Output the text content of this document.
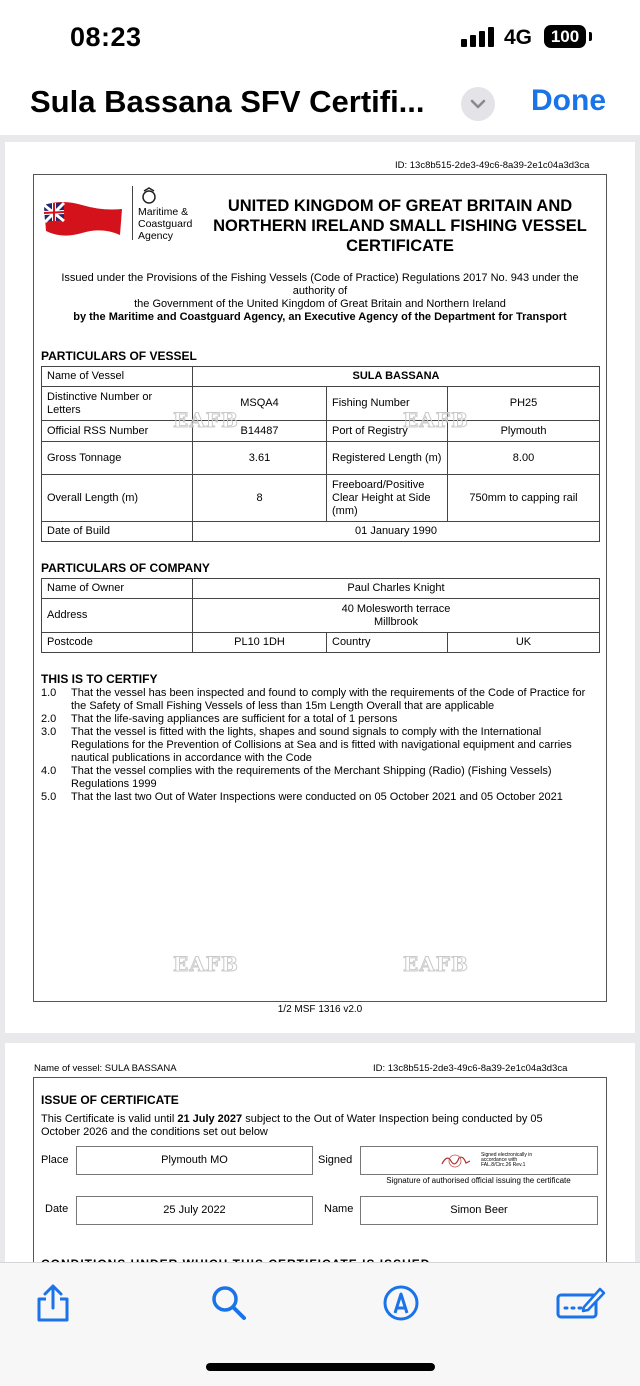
08:23	4G	100
Sula Bassana SFV Certifi...	Done
ID: 13c8b515-2de3-49c6-8a39-2e1c04a3d3ca
Maritime & Coastguard Agency
UNITED KINGDOM OF GREAT BRITAIN AND NORTHERN IRELAND SMALL FISHING VESSEL CERTIFICATE
Issued under the Provisions of the Fishing Vessels (Code of Practice) Regulations 2017 No. 943 under the authority of
the Government of the United Kingdom of Great Britain and Northern Ireland
by the Maritime and Coastguard Agency, an Executive Agency of the Department for Transport
PARTICULARS OF VESSEL
Name of Vessel	SULA BASSANA		
Distinctive Number or Letters	MSQA4	Fishing Number	PH25
Official RSS Number	B14487	Port of Registry	Plymouth
Gross Tonnage	3.61	Registered Length (m)	8.00
Overall Length (m)	8	Freeboard/Positive Clear Height at Side (mm)	750mm to capping rail
Date of Build	01 January 1990		
PARTICULARS OF COMPANY
Name of Owner	Paul Charles Knight		
Address	40 Molesworth terrace
Millbrook		

Postcode	PL10 1DH	Country	UK
THIS IS TO CERTIFY
1.0	That the vessel has been inspected and found to comply with the requirements of the Code of Practice for the Safety of Small Fishing Vessels of less than 15m Length Overall that are applicable
2.0	That the life-saving appliances are sufficient for a total of 1 persons
3.0	That the vessel is fitted with the lights, shapes and sound signals to comply with the International Regulations for the Prevention of Collisions at Sea and is fitted with navigational equipment and carries nautical publications in accordance with the Code
4.0	That the vessel complies with the requirements of the Merchant Shipping (Radio) (Fishing Vessels) Regulations 1999
5.0	That the last two Out of Water Inspections were conducted on 05 October 2021 and 05 October 2021
EAFB	EAFB
EAFB	EAFB
1/2 MSF 1316 v2.0
Name of vessel: SULA BASSANA	ID: 13c8b515-2de3-49c6-8a39-2e1c04a3d3ca
ISSUE OF CERTIFICATE
This Certificate is valid until 21 July 2027 subject to the Out of Water Inspection being conducted by 05 October 2026 and the conditions set out below
Place	Plymouth MO	Signed	Signed electronically in accordance with FAL.8/Circ.26 Rev.1
Signature of authorised official issuing the certificate
Date	25 July 2022	Name	Simon Beer
